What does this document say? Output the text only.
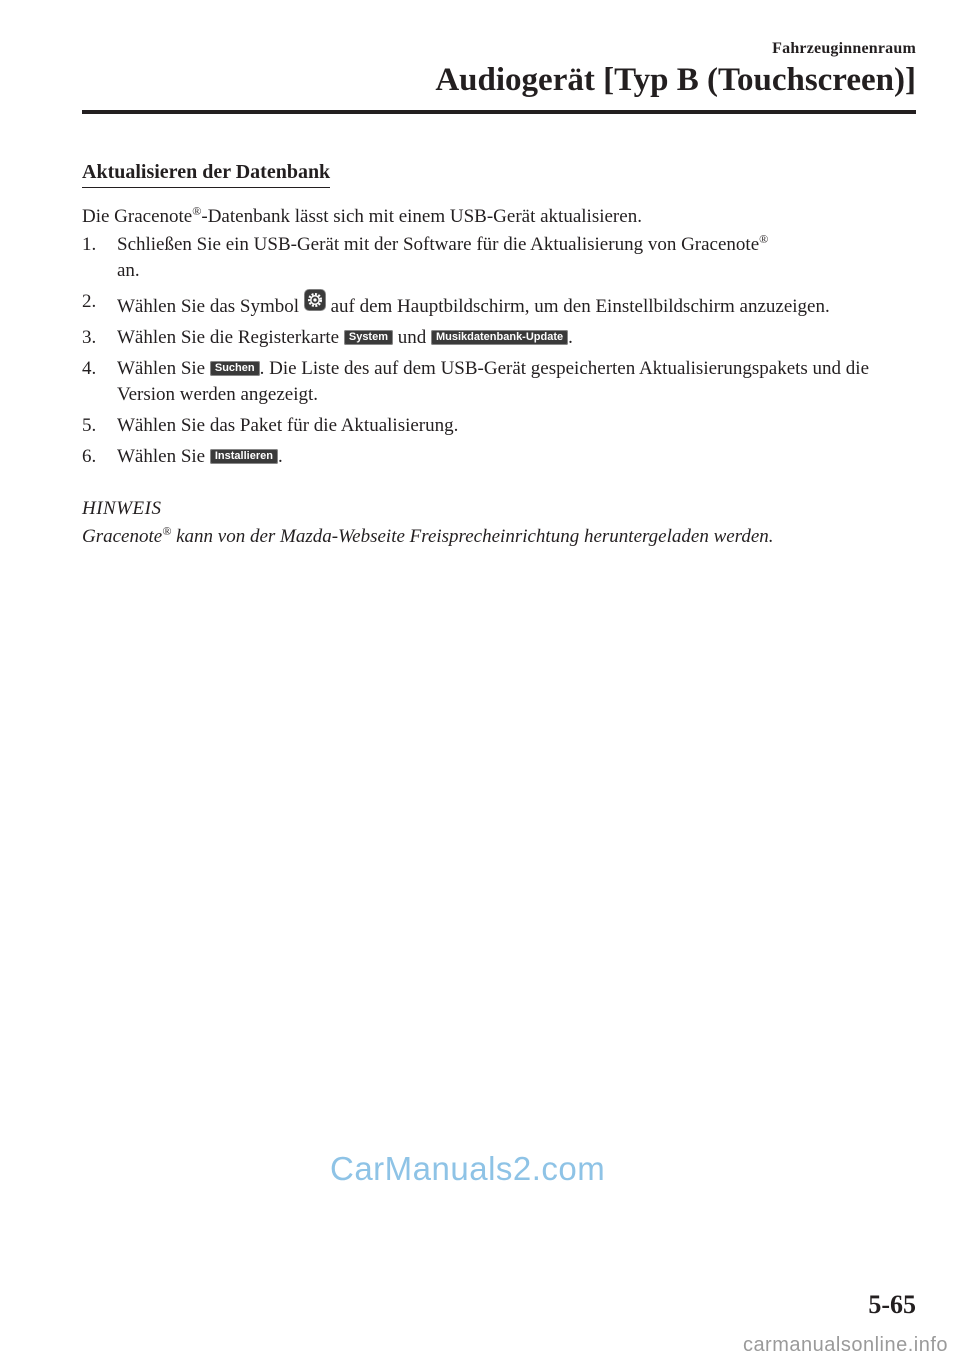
Fahrzeuginnenraum
Audiogerät [Typ B (Touchscreen)]
Aktualisieren der Datenbank
Die Gracenote®-Datenbank lässt sich mit einem USB-Gerät aktualisieren.
1.	Schließen Sie ein USB-Gerät mit der Software für die Aktualisierung von Gracenote®
an.
2.	Wählen Sie das Symbol auf dem Hauptbildschirm, um den Einstellbildschirm anzuzeigen.
3.	Wählen Sie die Registerkarte System und Musikdatenbank-Update .
4.	Wählen Sie Suchen . Die Liste des auf dem USB-Gerät gespeicherten Aktualisierungspakets und die Version werden angezeigt.
5.	Wählen Sie das Paket für die Aktualisierung.
6.	Wählen Sie Installieren .
HINWEIS
Gracenote® kann von der Mazda-Webseite Freisprecheinrichtung heruntergeladen werden.
CarManuals2.com
5-65
carmanualsonline.info
